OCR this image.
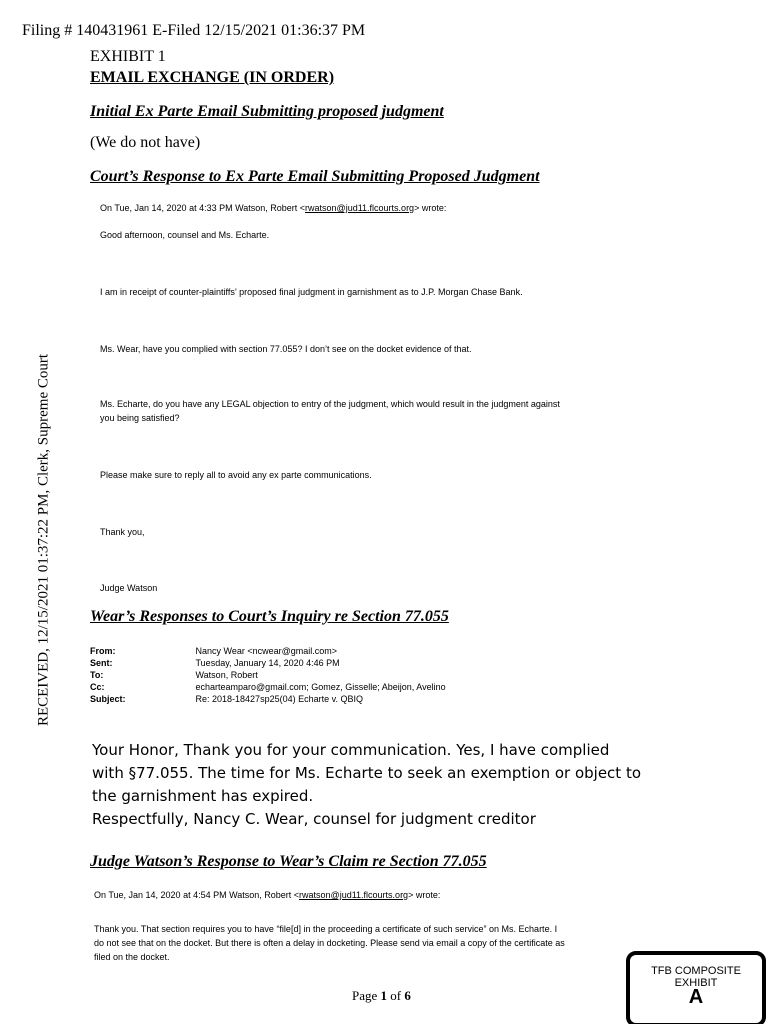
Filing # 140431961 E-Filed 12/15/2021 01:36:37 PM
RECEIVED, 12/15/2021 01:37:22 PM, Clerk, Supreme Court
EXHIBIT 1
EMAIL EXCHANGE (IN ORDER)
Initial Ex Parte Email Submitting proposed judgment
(We do not have)
Court’s Response to Ex Parte Email Submitting Proposed Judgment
On Tue, Jan 14, 2020 at 4:33 PM Watson, Robert <rwatson@jud11.flcourts.org> wrote:
Good afternoon, counsel and Ms. Echarte.
I am in receipt of counter-plaintiffs’ proposed final judgment in garnishment as to J.P. Morgan Chase Bank.
Ms. Wear, have you complied with section 77.055? I don’t see on the docket evidence of that.
Ms. Echarte, do you have any LEGAL objection to entry of the judgment, which would result in the judgment against
you being satisfied?
Please make sure to reply all to avoid any ex parte communications.
Thank you,
Judge Watson
Wear’s Responses to Court’s Inquiry re Section 77.055
From:	Nancy Wear <ncwear@gmail.com>
Sent:	Tuesday, January 14, 2020 4:46 PM
To:	Watson, Robert
Cc:	echarteamparo@gmail.com; Gomez, Gisselle; Abeijon, Avelino
Subject:	Re: 2018-18427sp25(04) Echarte v. QBIQ
Your Honor, Thank you for your communication. Yes, I have complied
with §77.055. The time for Ms. Echarte to seek an exemption or object to
the garnishment has expired.
Respectfully, Nancy C. Wear, counsel for judgment creditor
Judge Watson’s Response to Wear’s Claim re Section 77.055
On Tue, Jan 14, 2020 at 4:54 PM Watson, Robert <rwatson@jud11.flcourts.org> wrote:
Thank you. That section requires you to have “file[d] in the proceeding a certificate of such service” on Ms. Echarte. I
do not see that on the docket. But there is often a delay in docketing. Please send via email a copy of the certificate as
filed on the docket.
Page 1 of 6
TFB COMPOSITE
EXHIBIT
A
